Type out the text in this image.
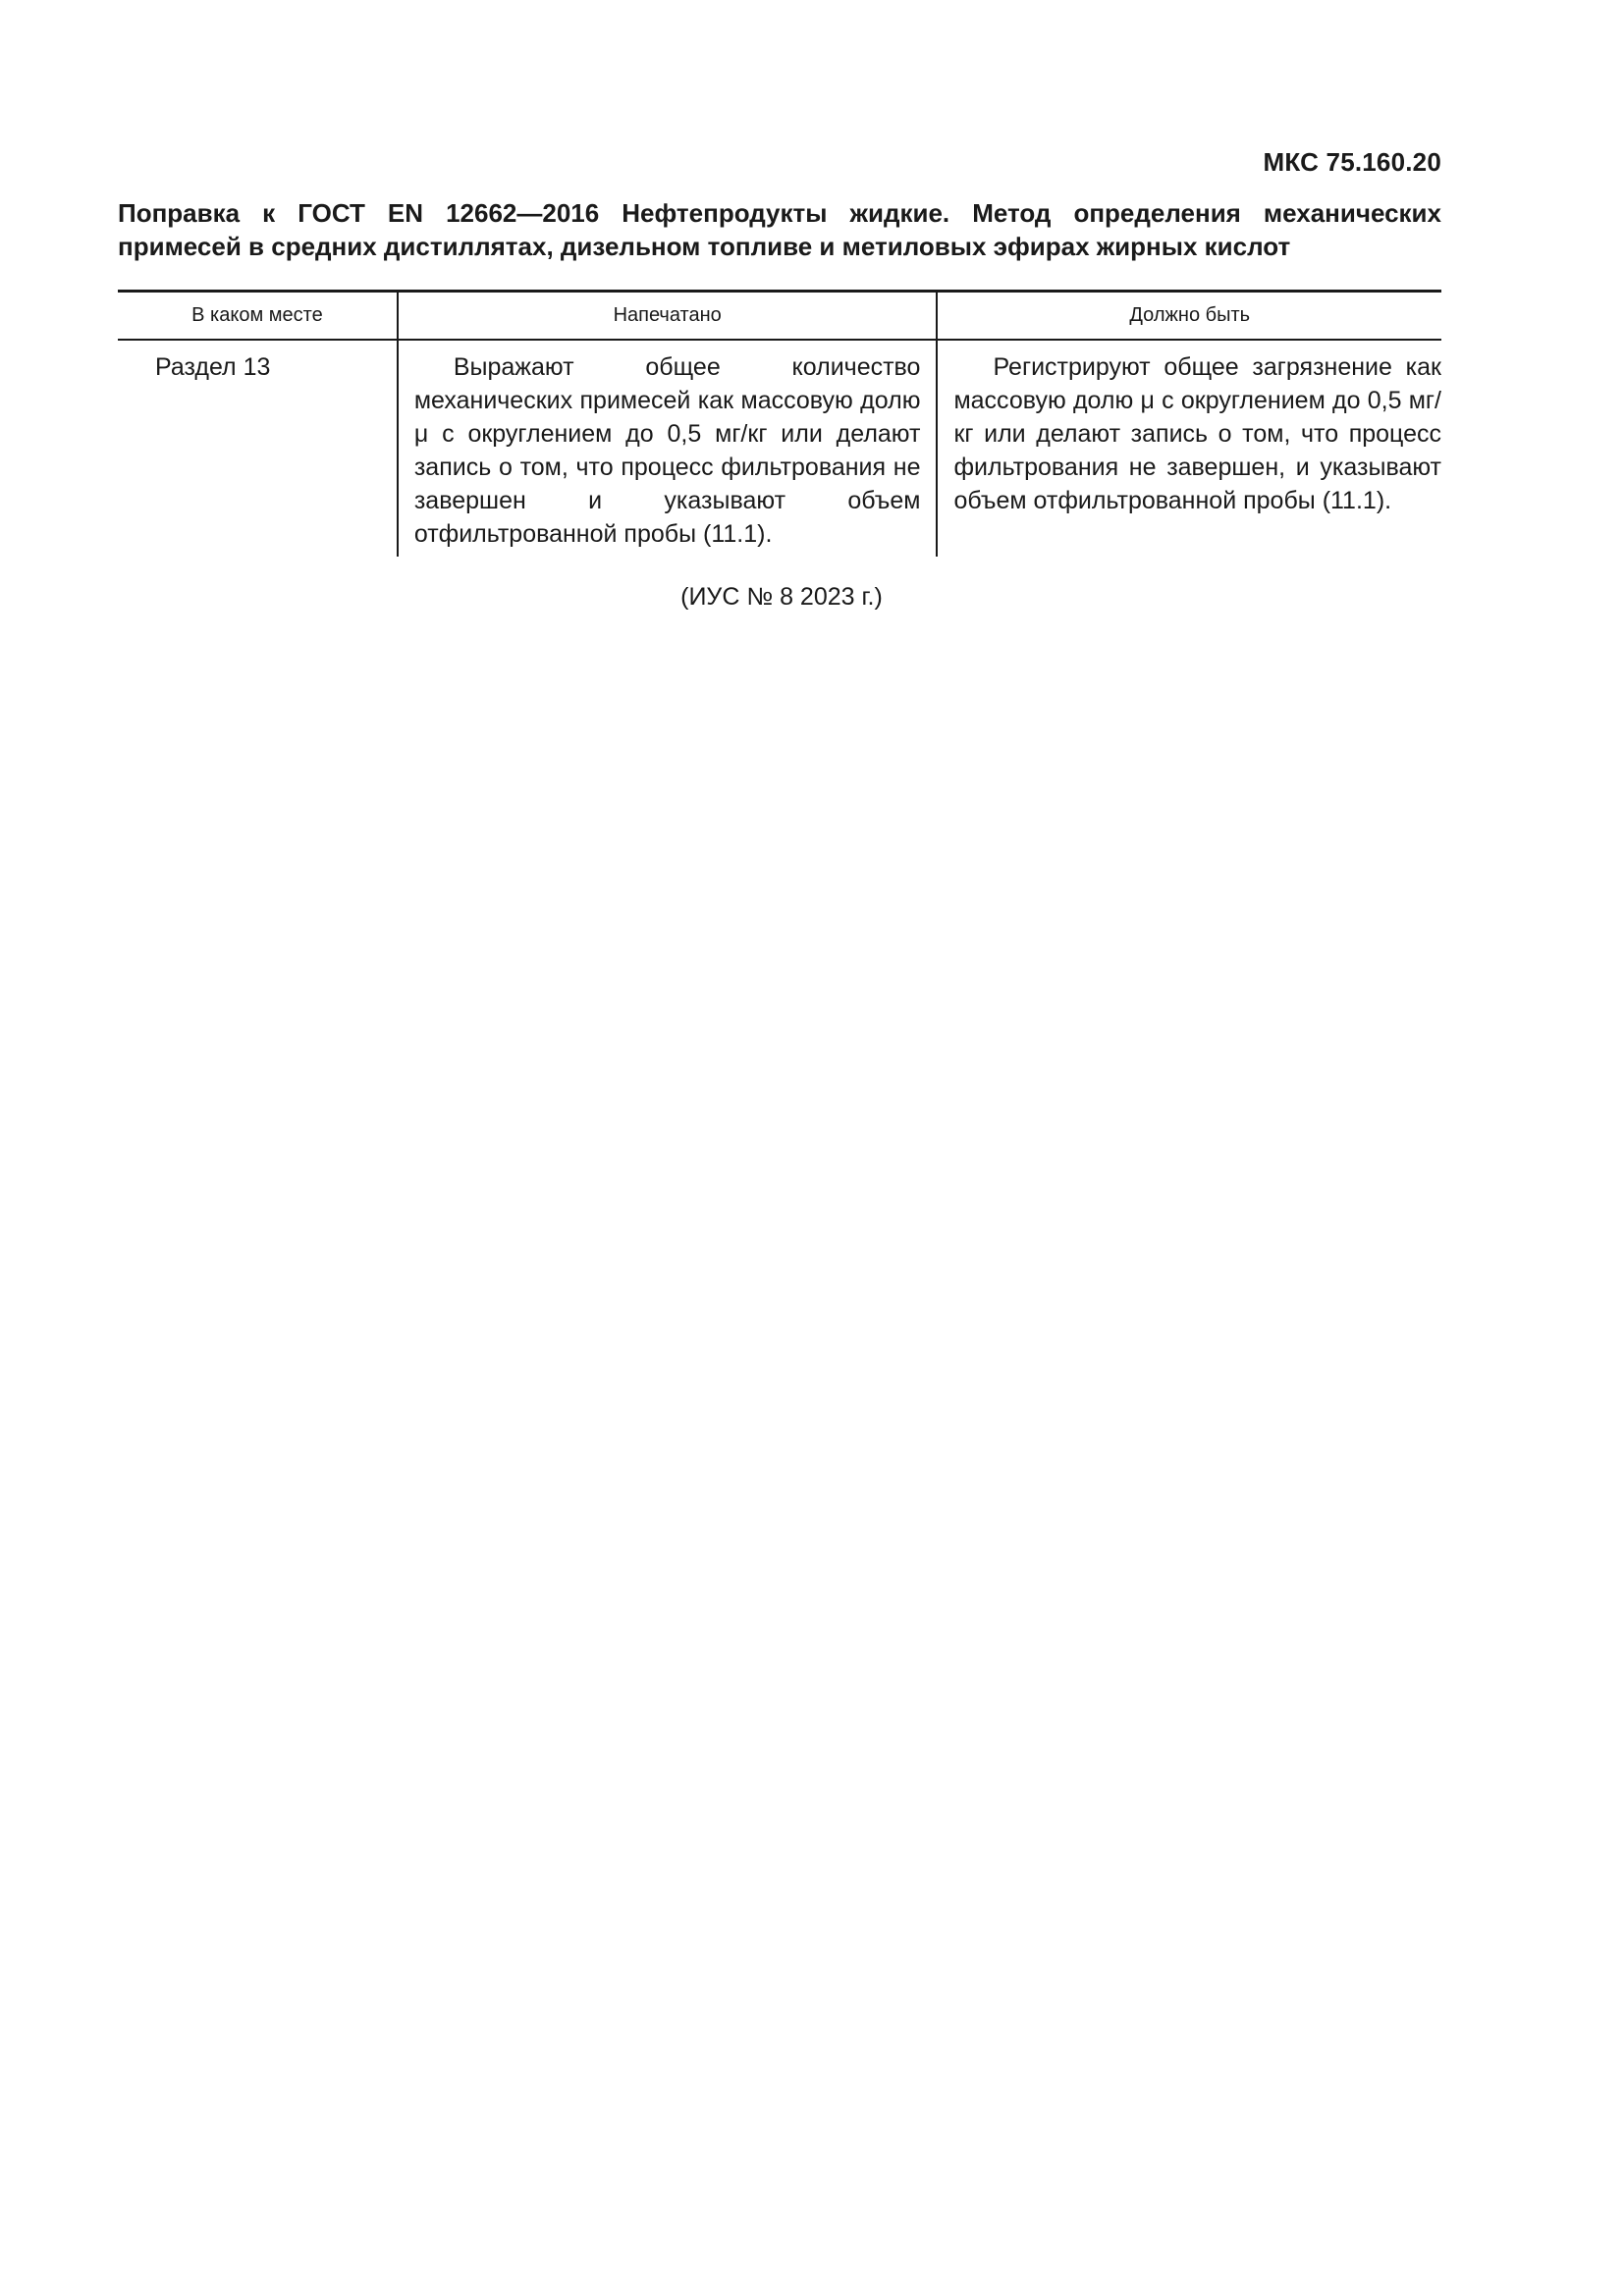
МКС 75.160.20
Поправка к ГОСТ EN 12662—2016 Нефтепродукты жидкие. Метод определения механических
примесей в средних дистиллятах, дизельном топливе и метиловых эфирах жирных кислот
В каком месте	Напечатано	Должно быть
Раздел 13	Выражают общее количество механических примесей как массовую долю μ с округлением до 0,5 мг/кг или делают запись о том, что процесс фильтрования не завершен и указывают объем отфильтрованной пробы (11.1).	Регистрируют общее загрязнение как массовую долю μ с округлением до 0,5 мг/кг или делают запись о том, что процесс фильтрования не завершен, и указывают объем отфильтрованной пробы (11.1).
(ИУС № 8 2023 г.)
